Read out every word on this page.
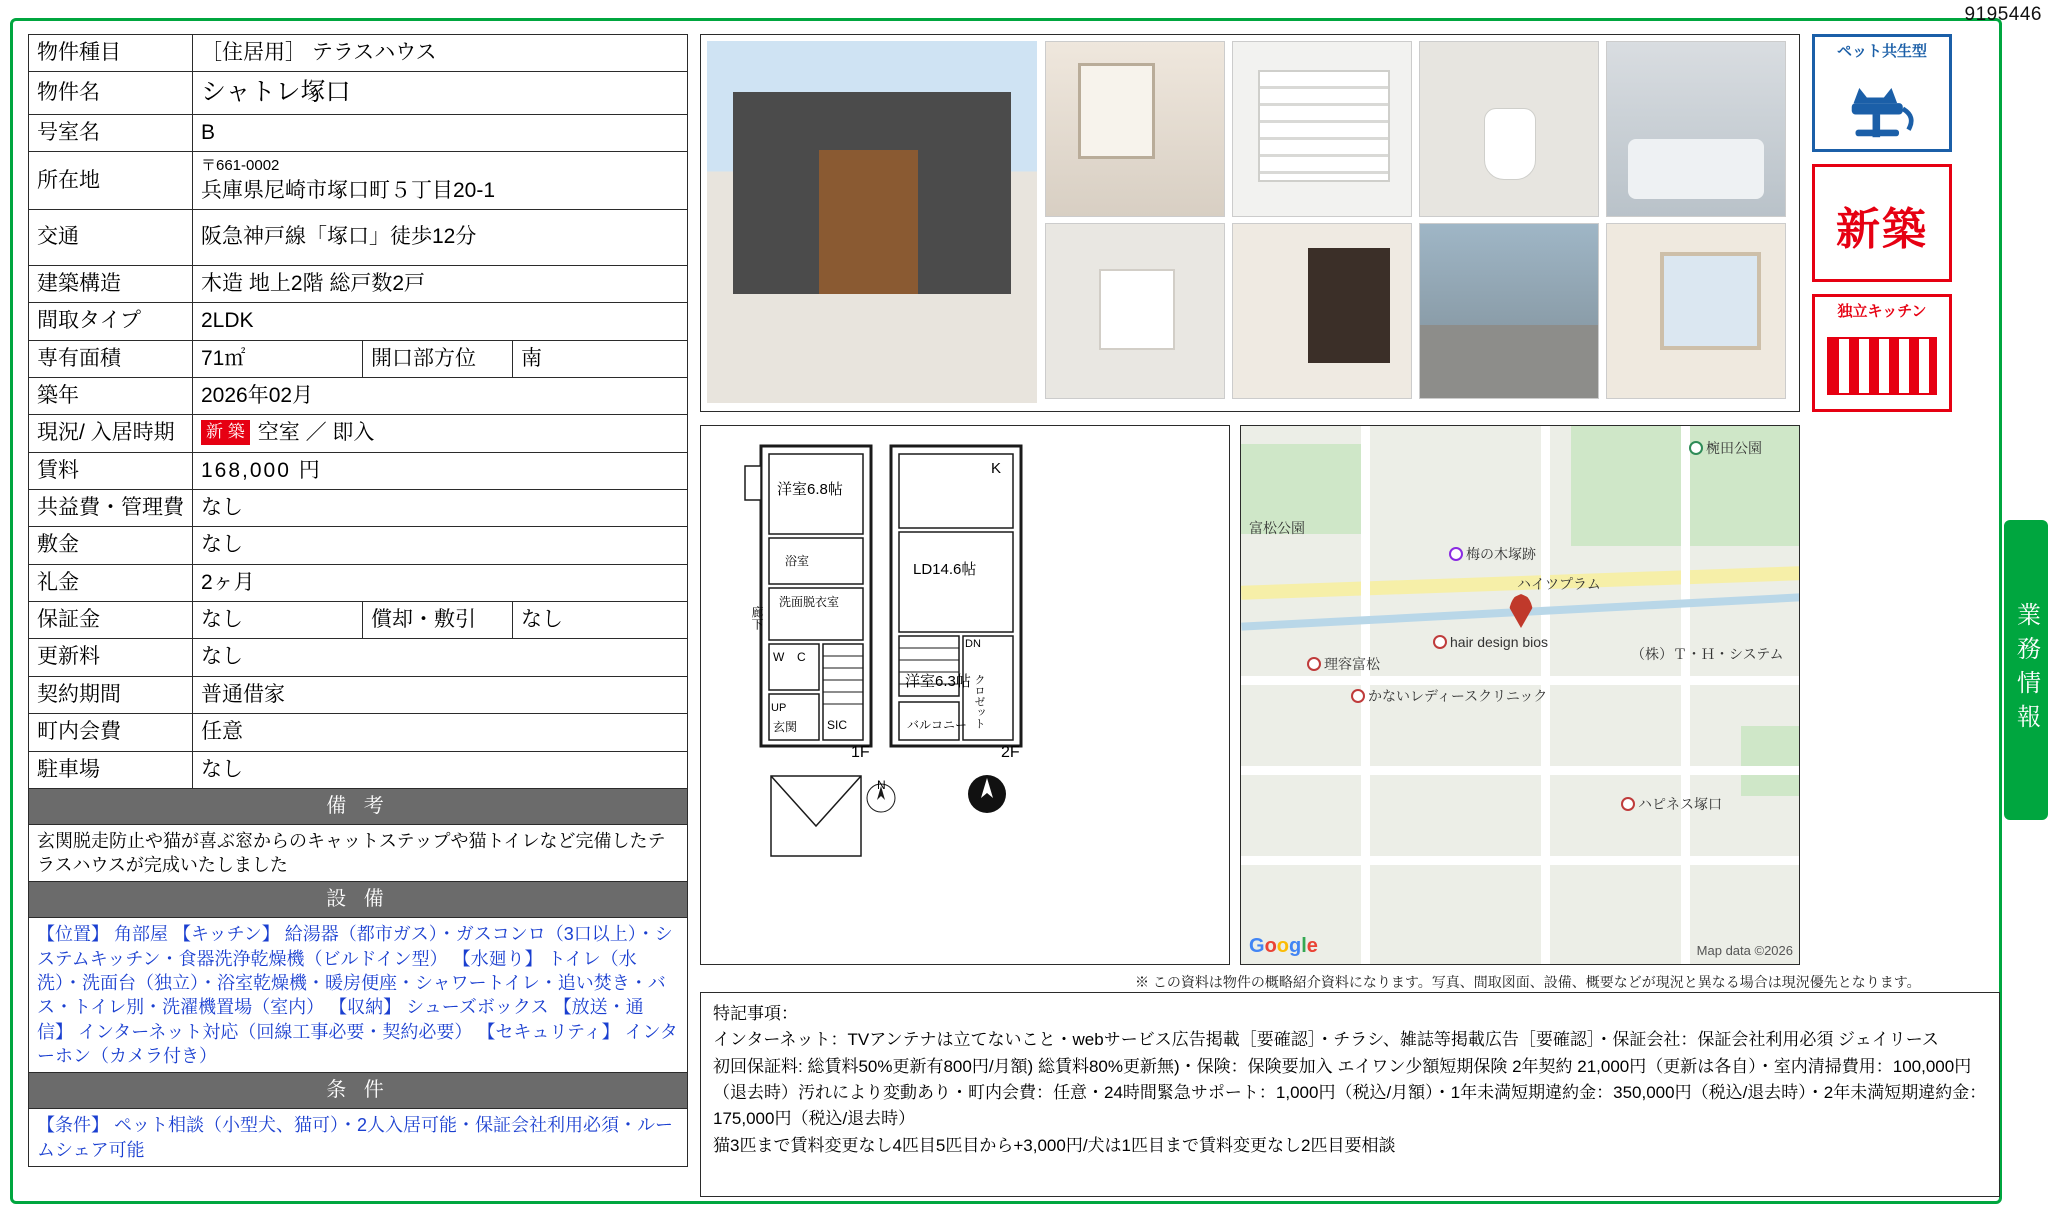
9195446
物件種目	［住居用］ テラスハウス		
物件名	シャトレ塚口		
号室名	B		
所在地	〒661-0002
兵庫県尼崎市塚口町５丁目20-1		

交通	阪急神戸線「塚口」徒歩12分		
建築構造	木造 地上2階 総戸数2戸		
間取タイプ	2LDK		
専有面積	71㎡	開口部方位	南
築年	2026年02月		
現況/ 入居時期	新 築 空室 ／ 即入		
賃料	168,000 円		
共益費・管理費	なし		
敷金	なし		
礼金	2ヶ月		
保証金	なし	償却・敷引	なし
更新料	なし		
契約期間	普通借家		
町内会費	任意		
駐車場	なし		
備 考			
玄関脱走防止や猫が喜ぶ窓からのキャットステップや猫トイレなど完備したテラスハウスが完成いたしました			
設 備			
【位置】 角部屋 【キッチン】 給湯器（都市ガス）・ガスコンロ（3口以上）・システムキッチン・食器洗浄乾燥機（ビルドイン型） 【水廻り】 トイレ（水洗）・洗面台（独立）・浴室乾燥機・暖房便座・シャワートイレ・追い焚き・バス・トイレ別・洗濯機置場（室内） 【収納】 シューズボックス 【放送・通信】 インターネット対応（回線工事必要・契約必要） 【セキュリティ】 インターホン（カメラ付き）			
条 件			
【条件】 ペット相談（小型犬、猫可）・2人入居可能・保証会社利用必須・ルームシェア可能			
ペット共生型
新築
独立キッチン
業務情報
洋室6.8帖
K
LD14.6帖
浴室
洗面脱衣室
廊下
W C
UP
DN
クロゼット
玄関 SIC
洋室6.3帖
バルコニー
1F	2F
N
椀田公園
富松公園
梅の木塚跡
ハイツプラム
hair design bios
理容富松
（株）Ｔ・Ｈ・システム
かないレディースクリニック
ハピネス塚口
Google	Map data ©2026
※ この資料は物件の概略紹介資料になります。写真、間取図面、設備、概要などが現況と異なる場合は現況優先となります。
特記事項：
インターネット：TVアンテナは立てないこと・webサービス広告掲載［要確認］・チラシ、雑誌等掲載広告［要確認］・保証会社：保証会社利用必須 ジェイリース
初回保証料: 総賃料50%更新有800円/月額) 総賃料80%更新無)・保険：保険要加入 エイワン少額短期保険 2年契約 21,000円（更新は各自）・室内清掃費用：100,000円（退去時）汚れにより変動あり・町内会費：任意・24時間緊急サポート：1,000円（税込/月額）・1年未満短期違約金：350,000円（税込/退去時）・2年未満短期違約金：175,000円（税込/退去時）
猫3匹まで賃料変更なし4匹目5匹目から+3,000円/犬は1匹目まで賃料変更なし2匹目要相談
